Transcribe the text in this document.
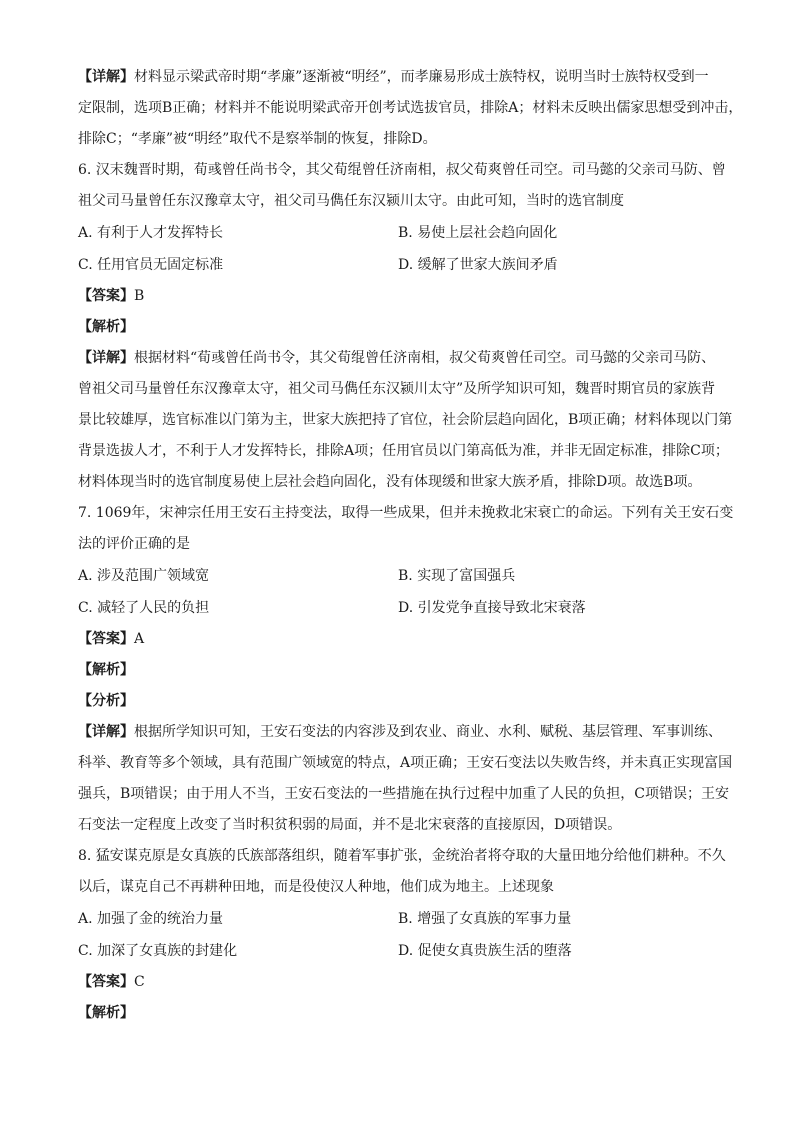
【详解】材料显示梁武帝时期“孝廉”逐渐被“明经”，而孝廉易形成士族特权，说明当时士族特权受到一
定限制，选项B正确；材料并不能说明梁武帝开创考试选拔官员，排除A；材料未反映出儒家思想受到冲击，
排除C；“孝廉”被“明经”取代不是察举制的恢复，排除D。
6. 汉末魏晋时期，荀彧曾任尚书令，其父荀绲曾任济南相，叔父荀爽曾任司空。司马懿的父亲司马防、曾
祖父司马量曾任东汉豫章太守，祖父司马儁任东汉颍川太守。由此可知，当时的选官制度
A. 有利于人才发挥特长	B. 易使上层社会趋向固化
C. 任用官员无固定标准	D. 缓解了世家大族间矛盾
【答案】B
【解析】
【详解】根据材料“荀彧曾任尚书令，其父荀绲曾任济南相，叔父荀爽曾任司空。司马懿的父亲司马防、
曾祖父司马量曾任东汉豫章太守，祖父司马儁任东汉颍川太守”及所学知识可知，魏晋时期官员的家族背
景比较雄厚，选官标准以门第为主，世家大族把持了官位，社会阶层趋向固化，B项正确；材料体现以门第
背景选拔人才，不利于人才发挥特长，排除A项；任用官员以门第高低为准，并非无固定标准，排除C项；
材料体现当时的选官制度易使上层社会趋向固化，没有体现缓和世家大族矛盾，排除D项。故选B项。
7. 1069年，宋神宗任用王安石主持变法，取得一些成果，但并未挽救北宋衰亡的命运。下列有关王安石变
法的评价正确的是
A. 涉及范围广领域宽	B. 实现了富国强兵
C. 减轻了人民的负担	D. 引发党争直接导致北宋衰落
【答案】A
【解析】
【分析】
【详解】根据所学知识可知，王安石变法的内容涉及到农业、商业、水利、赋税、基层管理、军事训练、
科举、教育等多个领域，具有范围广领域宽的特点，A项正确；王安石变法以失败告终，并未真正实现富国
强兵，B项错误；由于用人不当，王安石变法的一些措施在执行过程中加重了人民的负担，C项错误；王安
石变法一定程度上改变了当时积贫积弱的局面，并不是北宋衰落的直接原因，D项错误。
8. 猛安谋克原是女真族的氏族部落组织，随着军事扩张，金统治者将夺取的大量田地分给他们耕种。不久
以后，谋克自己不再耕种田地，而是役使汉人种地，他们成为地主。上述现象
A. 加强了金的统治力量	B. 增强了女真族的军事力量
C. 加深了女真族的封建化	D. 促使女真贵族生活的堕落
【答案】C
【解析】
